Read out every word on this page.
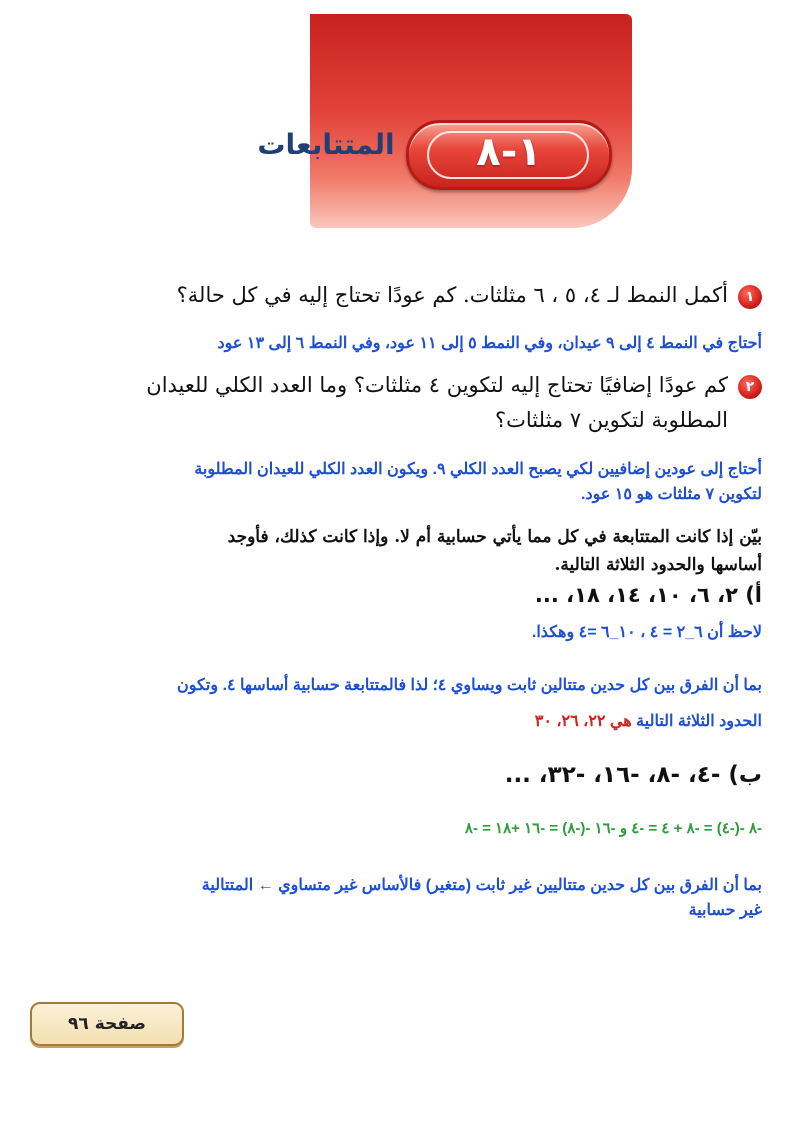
المتتابعات	١-٨
١أكمل النمط لـ ٤، ٥ ، ٦ مثلثات. كم عودًا تحتاج إليه في كل حالة؟
أحتاج في النمط ٤ إلى ٩ عيدان، وفي النمط ٥ إلى ١١ عود، وفي النمط ٦ إلى ١٣ عود
٢كم عودًا إضافيًا تحتاج إليه لتكوين ٤ مثلثات؟ وما العدد الكلي للعيدان
المطلوبة لتكوين ٧ مثلثات؟
أحتاج إلى عودين إضافيين لكي يصبح العدد الكلي ٩. ويكون العدد الكلي للعيدان المطلوبة
لتكوين ٧ مثلثات هو ١٥ عود.
بيّن إذا كانت المتتابعة في كل مما يأتي حسابية أم لا. وإذا كانت كذلك، فأوجد
أساسها والحدود الثلاثة التالية.
أ) ٢، ٦، ١٠، ١٤، ١٨، ...
لاحظ أن ٦_٢ = ٤ ، ١٠_٦ =٤ وهكذا.
بما أن الفرق بين كل حدين متتالين ثابت ويساوي ٤؛ لذا فالمتتابعة حسابية أساسها ٤. وتكون
الحدود الثلاثة التالية هي ٢٢، ٢٦، ٣٠
ب) -٤، -٨، -١٦، -٣٢، ...
-٨ -(-٤) = -٨ + ٤ = -٤ و -١٦ -(-٨) = -١٦ +١٨ = -٨
بما أن الفرق بين كل حدين متتاليين غير ثابت (متغير) فالأساس غير متساوي ← المتتالية
غير حسابية
صفحة ٩٦
